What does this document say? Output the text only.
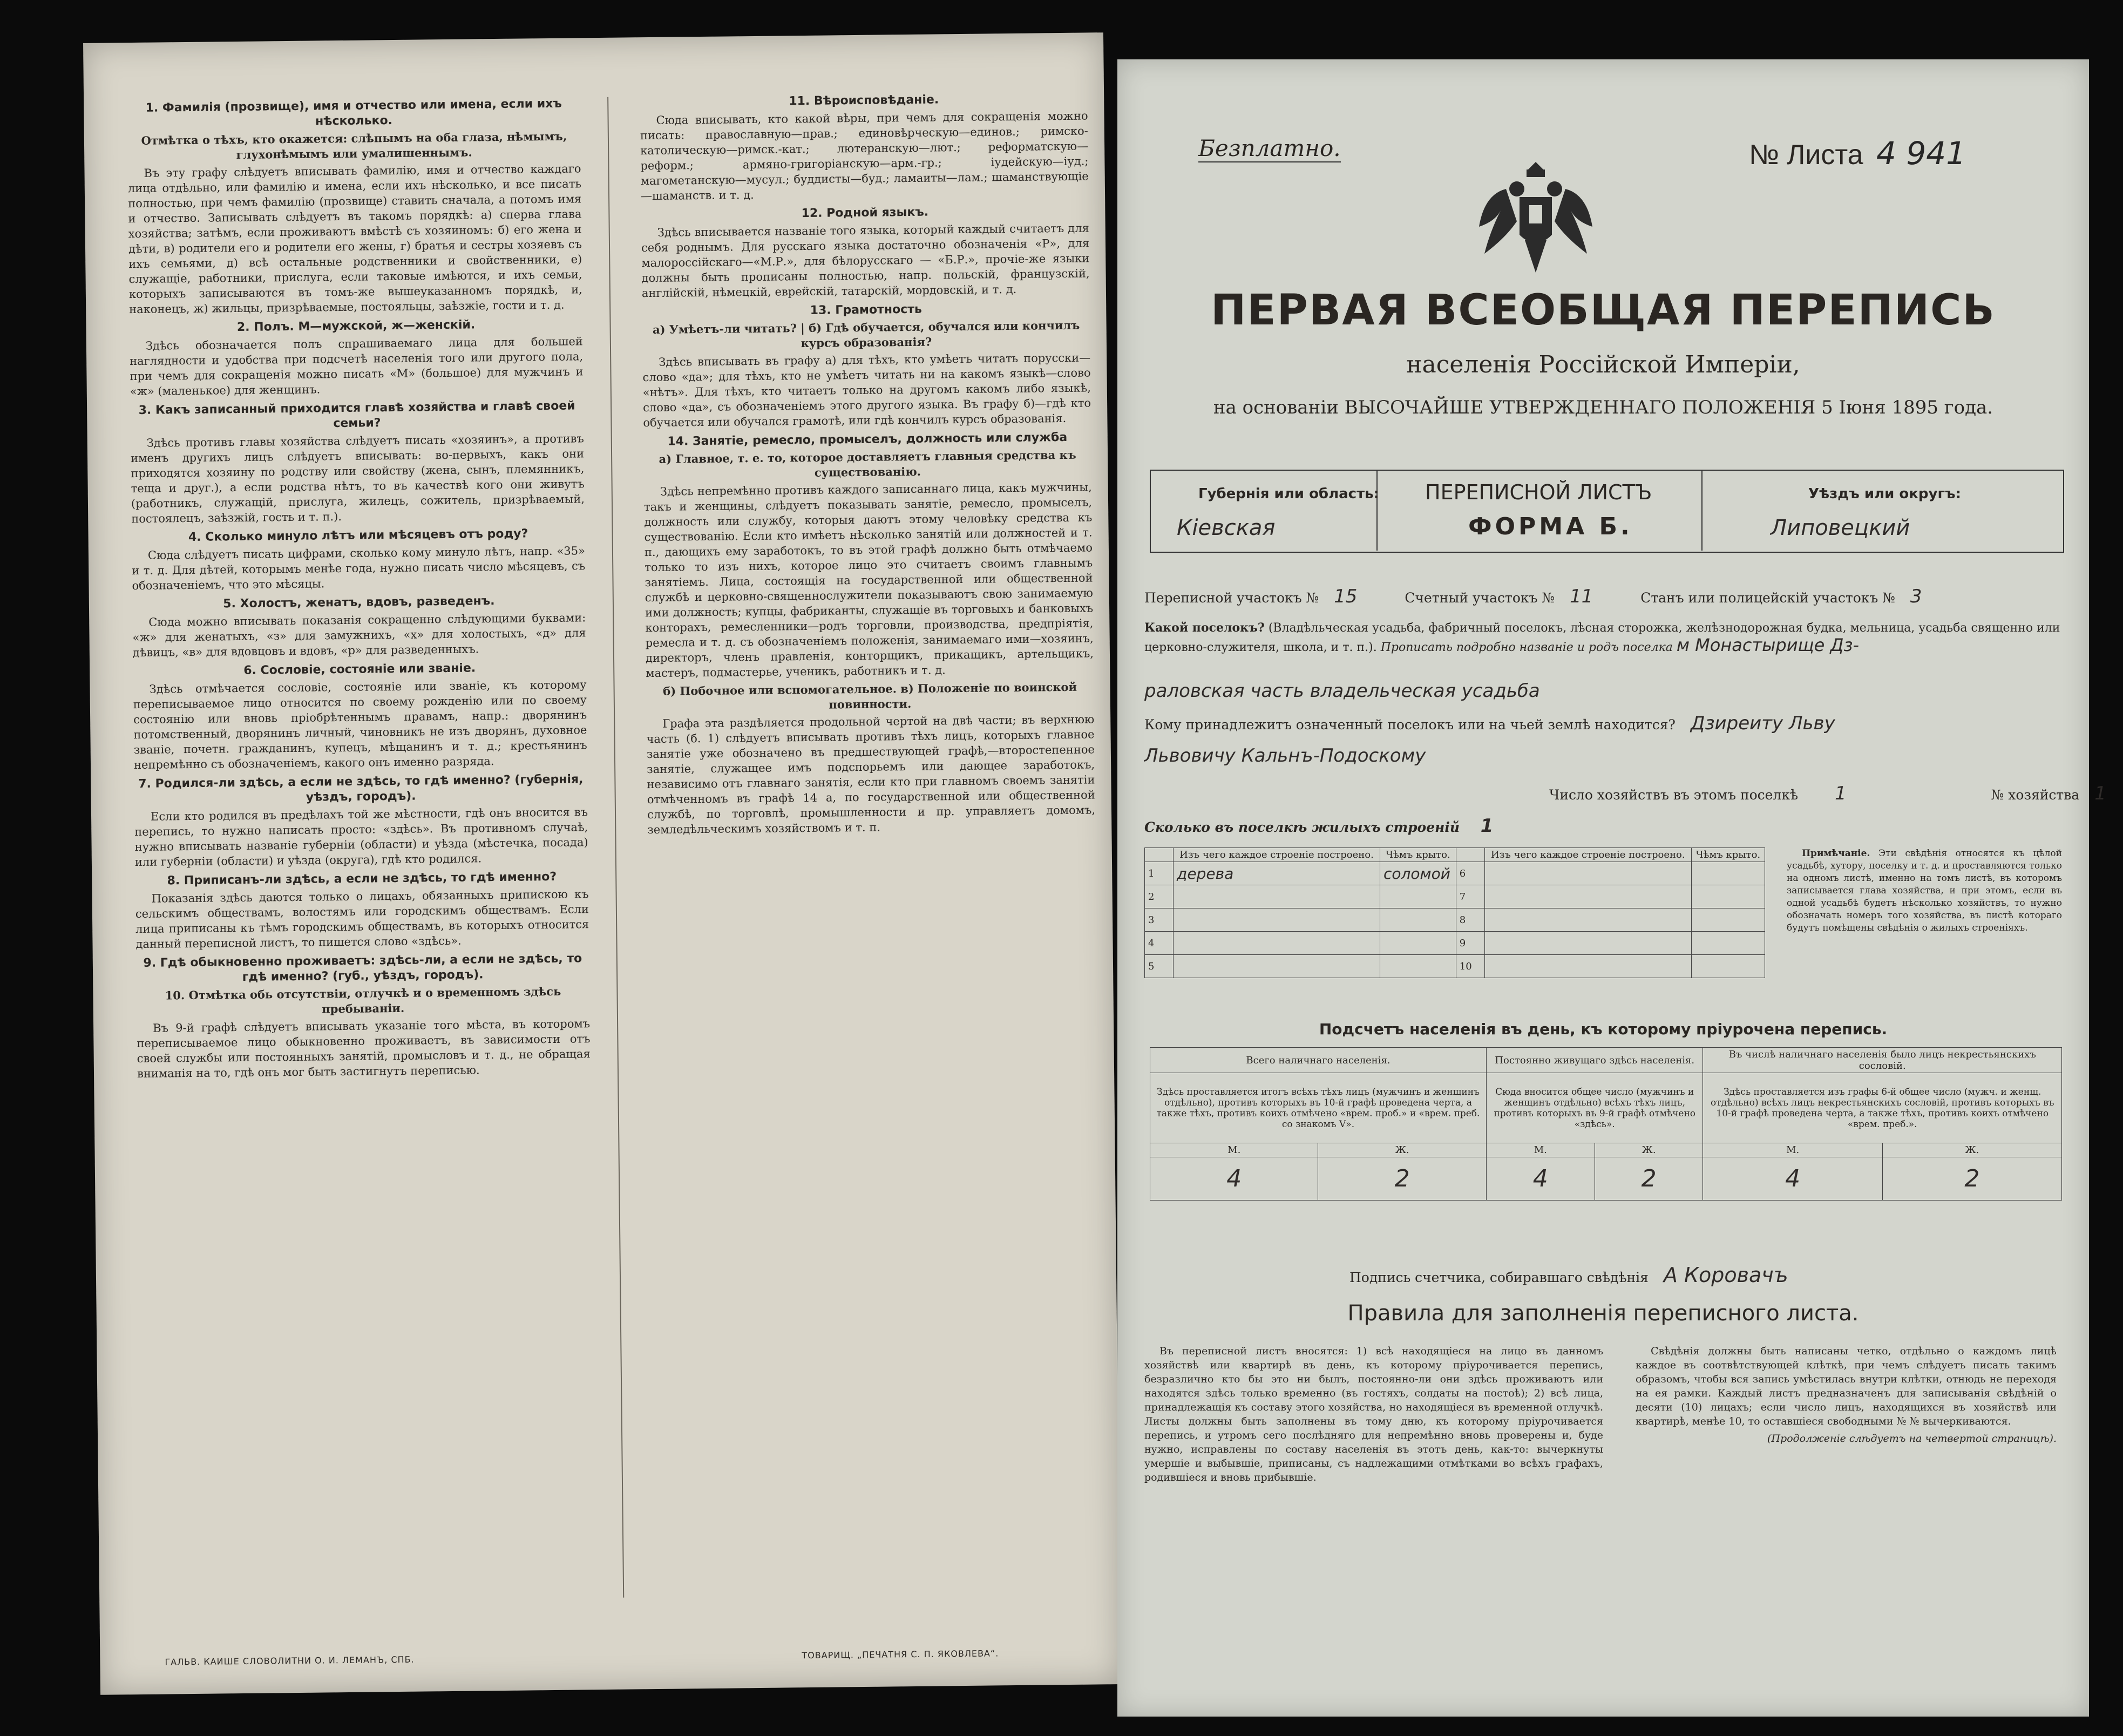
1. Фамилія (прозвище), имя и отчество или имена, если ихъ нѣсколько.
Отмѣтка о тѣхъ, кто окажется: слѣпымъ на оба глаза, нѣмымъ, глухонѣмымъ или умалишеннымъ.

Въ эту графу слѣдуетъ вписывать фамилію, имя и отчество каждаго лица отдѣльно, или фамилію и имена, если ихъ нѣсколько, и все писать полностью, при чемъ фамилію (прозвище) ставить сначала, а потомъ имя и отчество. Записывать слѣдуетъ въ такомъ порядкѣ: а) сперва глава хозяйства; затѣмъ, если проживаютъ вмѣстѣ съ хозяиномъ: б) его жена и дѣти, в) родители его и родители его жены, г) братья и сестры хозяевъ съ ихъ семьями, д) всѣ остальные родственники и свойственники, е) служащіе, работники, прислуга, если таковые имѣются, и ихъ семьи, которыхъ записываются въ томъ-же вышеуказанномъ порядкѣ, и, наконецъ, ж) жильцы, призрѣваемые, постояльцы, заѣзжіе, гости и т. д.

2. Полъ. М—мужской, ж—женскій.

Здѣсь обозначается полъ спрашиваемаго лица для большей наглядности и удобства при подсчетѣ населенія того или другого пола, при чемъ для сокращенія можно писать «М» (большое) для мужчинъ и «ж» (маленькое) для женщинъ.

3. Какъ записанный приходится главѣ хозяйства и главѣ своей семьи?

Здѣсь противъ главы хозяйства слѣдуетъ писать «хозяинъ», а противъ именъ другихъ лицъ слѣдуетъ вписывать: во-первыхъ, какъ они приходятся хозяину по родству или свойству (жена, сынъ, племянникъ, теща и друг.), а если родства нѣтъ, то въ качествѣ кого они живутъ (работникъ, служащій, прислуга, жилецъ, сожитель, призрѣваемый, постоялецъ, заѣзжій, гость и т. п.).

4. Сколько минуло лѣтъ или мѣсяцевъ отъ роду?

Сюда слѣдуетъ писать цифрами, сколько кому минуло лѣтъ, напр. «35» и т. д. Для дѣтей, которымъ менѣе года, нужно писать число мѣсяцевъ, съ обозначеніемъ, что это мѣсяцы.

5. Холостъ, женатъ, вдовъ, разведенъ.

Сюда можно вписывать показанія сокращенно слѣдующими буквами: «ж» для женатыхъ, «з» для замужнихъ, «х» для холостыхъ, «д» для дѣвицъ, «в» для вдовцовъ и вдовъ, «р» для разведенныхъ.

6. Сословіе, состояніе или званіе.

Здѣсь отмѣчается сословіе, состояніе или званіе, къ которому переписываемое лицо относится по своему рожденію или по своему состоянію или вновь пріобрѣтеннымъ правамъ, напр.: дворянинъ потомственный, дворянинъ личный, чиновникъ не изъ дворянъ, духовное званіе, почетн. гражданинъ, купецъ, мѣщанинъ и т. д.; крестьянинъ непремѣнно съ обозначеніемъ, какого онъ именно разряда.

7. Родился-ли здѣсь, а если не здѣсь, то гдѣ именно? (губернія, уѣздъ, городъ).

Если кто родился въ предѣлахъ той же мѣстности, гдѣ онъ вносится въ перепись, то нужно написать просто: «здѣсь». Въ противномъ случаѣ, нужно вписывать названіе губерніи (области) и уѣзда (мѣстечка, посада) или губерніи (области) и уѣзда (округа), гдѣ кто родился.

8. Приписанъ-ли здѣсь, а если не здѣсь, то гдѣ именно?

Показанія здѣсь даются только о лицахъ, обязанныхъ припискою къ сельскимъ обществамъ, волостямъ или городскимъ обществамъ. Если лица приписаны къ тѣмъ городскимъ обществамъ, въ которыхъ относится данный переписной листъ, то пишется слово «здѣсь».

9. Гдѣ обыкновенно проживаетъ: здѣсь-ли, а если не здѣсь, то гдѣ именно? (губ., уѣздъ, городъ).
10. Отмѣтка обь отсутствіи, отлучкѣ и о временномъ здѣсь пребываніи.

Въ 9-й графѣ слѣдуетъ вписывать указаніе того мѣста, въ которомъ переписываемое лицо обыкновенно проживаетъ, въ зависимости отъ своей службы или постоянныхъ занятій, промысловъ и т. д., не обращая вниманія на то, гдѣ онъ мог быть застигнутъ переписью.

11. Вѣроисповѣданіе.

Сюда вписывать, кто какой вѣры, при чемъ для сокращенія можно писать: православную—прав.; единовѣрческую—единов.; римско-католическую—римск.-кат.; лютеранскую—лют.; реформатскую—реформ.; армяно-григоріанскую—арм.-гр.; іудейскую—іуд.; магометанскую—мусул.; буддисты—буд.; ламаиты—лам.; шаманствующіе—шаманств. и т. д.

12. Родной языкъ.

Здѣсь вписывается названіе того языка, который каждый считаетъ для себя роднымъ. Для русскаго языка достаточно обозначенія «Р», для малороссійскаго—«М.Р.», для бѣлорусскаго — «Б.Р.», прочіе-же языки должны быть прописаны полностью, напр. польскій, французскій, англійскій, нѣмецкій, еврейскій, татарскій, мордовскій, и т. д.

13. Грамотность
а) Умѣетъ-ли читать? | б) Гдѣ обучается, обучался или кончилъ курсъ образованія?

Здѣсь вписывать въ графу а) для тѣхъ, кто умѣетъ читать порусски—слово «да»; для тѣхъ, кто не умѣетъ читать ни на какомъ языкѣ—слово «нѣтъ». Для тѣхъ, кто читаетъ только на другомъ какомъ либо языкѣ, слово «да», съ обозначеніемъ этого другого языка. Въ графу б)—гдѣ кто обучается или обучался грамотѣ, или гдѣ кончилъ курсъ образованія.

14. Занятіе, ремесло, промыселъ, должность или служба
а) Главное, т. е. то, которое доставляетъ главныя средства къ существованію.

Здѣсь непремѣнно противъ каждого записаннаго лица, какъ мужчины, такъ и женщины, слѣдуетъ показывать занятіе, ремесло, промыселъ, должность или службу, которыя даютъ этому человѣку средства къ существованію. Если кто имѣетъ нѣсколько занятій или должностей и т. п., дающихъ ему заработокъ, то въ этой графѣ должно быть отмѣчаемо только то изъ нихъ, которое лицо это считаетъ своимъ главнымъ занятіемъ. Лица, состоящія на государственной или общественной службѣ и церковно-священнослужители показываютъ свою занимаемую ими должность; купцы, фабриканты, служащіе въ торговыхъ и банковыхъ конторахъ, ремесленники—родъ торговли, производства, предпріятія, ремесла и т. д. съ обозначеніемъ положенія, занимаемаго ими—хозяинъ, директоръ, членъ правленія, конторщикъ, прикащикъ, артельщикъ, мастеръ, подмастерье, ученикъ, работникъ и т. д.

б) Побочное или вспомогательное. в) Положеніе по воинской повинности.

Графа эта раздѣляется продольной чертой на двѣ части; въ верхнюю часть (б. 1) слѣдуетъ вписывать противъ тѣхъ лицъ, которыхъ главное занятіе уже обозначено въ предшествующей графѣ,—второстепенное занятіе, служащее имъ подспорьемъ или дающее заработокъ, независимо отъ главнаго занятія, если кто при главномъ своемъ занятіи отмѣченномъ въ графѣ 14 а, по государственной или общественной службѣ, по торговлѣ, промышленности и пр. управляетъ домомъ, земледѣльческимъ хозяйствомъ и т. п.

ГАЛЬВ. КАИШЕ СЛОВОЛИТНИ О. И. ЛЕМАНЪ, СПБ.	ТОВАРИЩ. „ПЕЧАТНЯ С. П. ЯКОВЛЕВА“.
Безплатно.	№ Листа 4 941
ПЕРВАЯ ВСЕОБЩАЯ ПЕРЕПИСЬ
населенія Россійской Имперіи,
на основаніи ВЫСОЧАЙШЕ УТВЕРЖДЕННАГО ПОЛОЖЕНІЯ 5 Іюня 1895 года.
Губернія или область:
Кіевская
ПЕРЕПИСНОЙ ЛИСТЪ
ФОРМА Б.
Уѣздъ или округъ:
Липовецкий
Переписной участокъ № 15	Счетный участокъ № 11	Станъ или полицейскій участокъ № 3
Какой поселокъ? (Владѣльческая усадьба, фабричный поселокъ, лѣсная сторожка, желѣзнодорожная будка, мельница, усадьба священно или церковно-служителя, школа, и т. п.). Прописать подробно названіе и родъ поселка м Монастырище Дз-
раловская часть владельческая усадьба
Кому принадлежитъ означенный поселокъ или на чьей землѣ находится? Дзиреиту Льву
Львовичу Кальнъ-Подоскому
Число хозяйствъ въ этомъ поселкѣ 1	№ хозяйства 1
Сколько въ поселкѣ жилыхъ строеній 1
	Изъ чего каждое строеніе построено.	Чѣмъ крыто.		Изъ чего каждое строеніе построено.	Чѣмъ крыто.
1	дерева	соломой	6		
2			7		
3			8		
4			9		
5			10		

Примѣчаніе. Эти свѣдѣнія относятся къ цѣлой усадьбѣ, хутору, поселку и т. д. и проставляются только на одномъ листѣ, именно на томъ листѣ, въ которомъ записывается глава хозяйства, и при этомъ, если въ одной усадьбѣ будетъ нѣсколько хозяйствъ, то нужно обозначать номеръ того хозяйства, въ листѣ котораго будутъ помѣщены свѣдѣнія о жилыхъ строеніяхъ.

Подсчетъ населенія въ день, къ которому пріурочена перепись.
Всего наличнаго населенія.		Постоянно живущаго здѣсь населенія.		Въ числѣ наличнаго населенія было лицъ некрестьянскихъ сословій.	
Здѣсь проставляется итогъ всѣхъ тѣхъ лицъ (мужчинъ и женщинъ отдѣльно), противъ которыхъ въ 10-й графѣ проведена черта, а также тѣхъ, противъ коихъ отмѣчено «врем. проб.» и «врем. преб. со знакомъ V».		Сюда вносится общее число (мужчинъ и женщинъ отдѣльно) всѣхъ тѣхъ лицъ, противъ которыхъ въ 9-й графѣ отмѣчено «здѣсь».		Здѣсь проставляется изъ графы 6-й общее число (мужч. и женщ. отдѣльно) всѣхъ лицъ некрестьянскихъ сословій, противъ которыхъ въ 10-й графѣ проведена черта, а также тѣхъ, противъ коихъ отмѣчено «врем. преб.».	
М.	Ж.	М.	Ж.	М.	Ж.
4	2	4	2	4	2
Подпись счетчика, собиравшаго свѣдѣнія А Коровачъ
Правила для заполненія переписного листа.

Въ переписной листъ вносятся: 1) всѣ находящіеся на лицо въ данномъ хозяйствѣ или квартирѣ въ день, къ которому пріурочивается перепись, безразлично кто бы это ни былъ, постоянно-ли они здѣсь проживаютъ или находятся здѣсь только временно (въ гостяхъ, солдаты на постоѣ); 2) всѣ лица, принадлежащія къ составу этого хозяйства, но находящіеся въ временной отлучкѣ. Листы должны быть заполнены въ тому дню, къ которому пріурочивается перепись, и утромъ сего послѣдняго для непремѣнно вновь проверены и, буде нужно, исправлены по составу населенія въ этотъ день, как-то: вычеркнуты умершіе и выбывшіе, приписаны, съ надлежащими отмѣтками во всѣхъ графахъ, родившіеся и вновь прибывшіе.

Свѣдѣнія должны быть написаны четко, отдѣльно о каждомъ лицѣ каждое въ соотвѣтствующей клѣткѣ, при чемъ слѣдуетъ писать такимъ образомъ, чтобы вся запись умѣстилась внутри клѣтки, отнюдь не переходя на ея рамки. Каждый листъ предназначенъ для записыванія свѣдѣній о десяти (10) лицахъ; если число лицъ, находящихся въ хозяйствѣ или квартирѣ, менѣе 10, то оставшіеся свободными № № вычеркиваются.

(Продолженіе слѣдуетъ на четвертой страницѣ).
